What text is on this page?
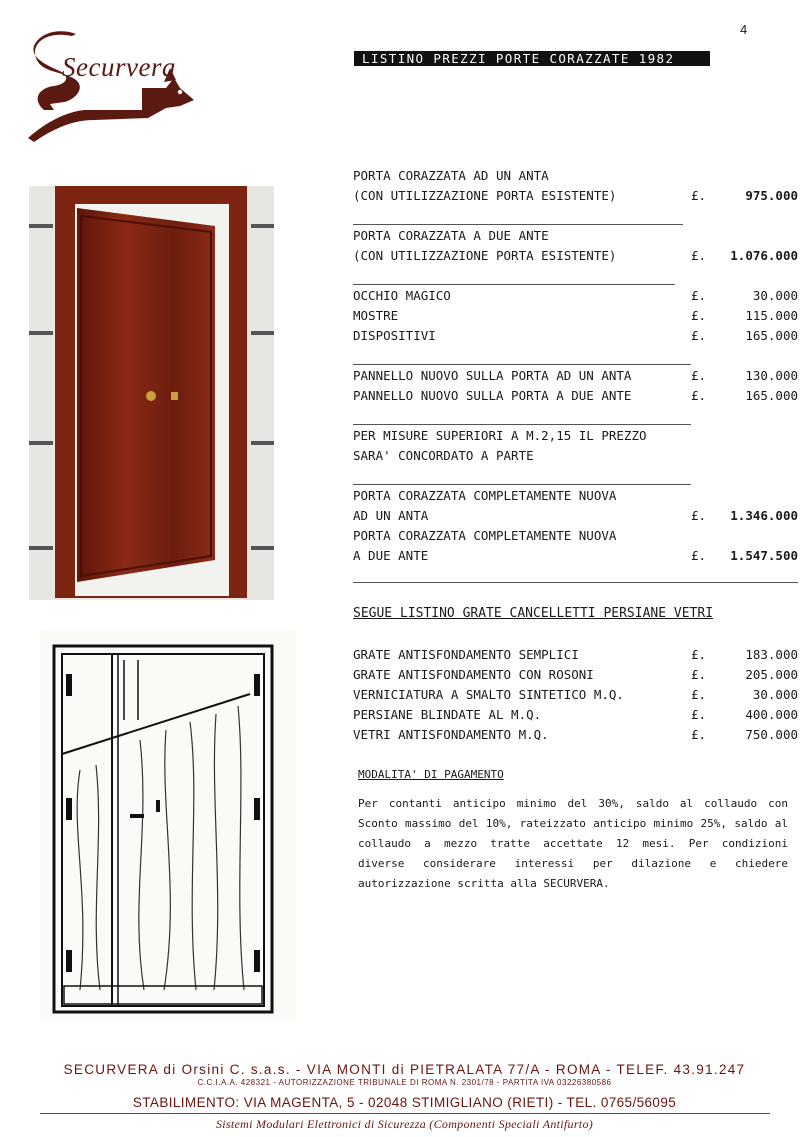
4
Securvera	LISTINO PREZZI PORTE CORAZZATE 1982
PORTA CORAZZATA AD UN ANTA
(CON UTILIZZAZIONE PORTA ESISTENTE)	£.	975.000
PORTA CORAZZATA A DUE ANTE
(CON UTILIZZAZIONE PORTA ESISTENTE)	£. 1.076.000
OCCHIO MAGICO	£.	30.000
MOSTRE	£.	115.000
DISPOSITIVI	£.	165.000
PANNELLO NUOVO SULLA PORTA AD UN ANTA	£.	130.000
PANNELLO NUOVO SULLA PORTA A DUE ANTE	£.	165.000
PER MISURE SUPERIORI A M.2,15 IL PREZZO
SARA' CONCORDATO A PARTE
PORTA CORAZZATA COMPLETAMENTE NUOVA
AD UN ANTA	£. 1.346.000
PORTA CORAZZATA COMPLETAMENTE NUOVA
A DUE ANTE	£. 1.547.500
SEGUE LISTINO GRATE CANCELLETTI PERSIANE VETRI
GRATE ANTISFONDAMENTO SEMPLICI	£.	183.000
GRATE ANTISFONDAMENTO CON ROSONI	£.	205.000
VERNICIATURA A SMALTO SINTETICO M.Q.	£.	30.000
PERSIANE BLINDATE AL M.Q.	£.	400.000
VETRI ANTISFONDAMENTO M.Q.	£.	750.000
MODALITA' DI PAGAMENTO
Per contanti anticipo minimo del 30%, saldo al collaudo con Sconto massimo del 10%, rateizzato anticipo minimo 25%, saldo al collaudo a mezzo tratte accettate 12 mesi. Per condizioni diverse considerare interessi per dilazione e chiedere autorizzazione scritta alla SECURVERA.
SECURVERA di Orsini C. s.a.s. - VIA MONTI di PIETRALATA 77/A - ROMA - TELEF. 43.91.247
C.C.I.A.A. 428321 - AUTORIZZAZIONE TRIBUNALE DI ROMA N. 2301/78 - PARTITA IVA 03226380586
STABILIMENTO: VIA MAGENTA, 5 - 02048 STIMIGLIANO (RIETI) - TEL. 0765/56095
Sistemi Modulari Elettronici di Sicurezza (Componenti Speciali Antifurto)
